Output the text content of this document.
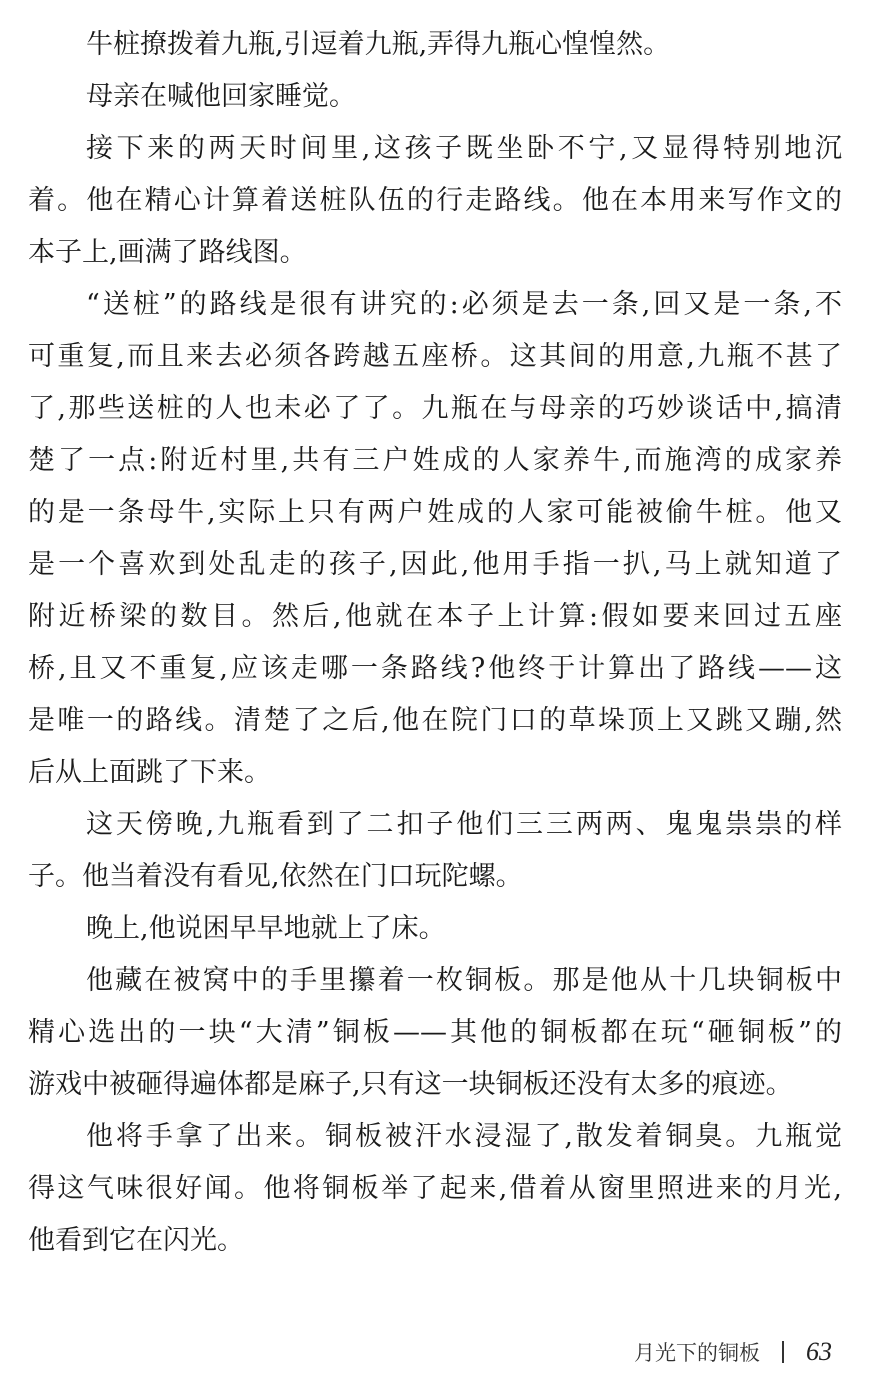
牛桩撩拨着九瓶,引逗着九瓶,弄得九瓶心惶惶然。
母亲在喊他回家睡觉。
接下来的两天时间里,这孩子既坐卧不宁,又显得特别地沉
着。他在精心计算着送桩队伍的行走路线。他在本用来写作文的
本子上,画满了路线图。
“送桩”的路线是很有讲究的:必须是去一条,回又是一条,不
可重复,而且来去必须各跨越五座桥。这其间的用意,九瓶不甚了
了,那些送桩的人也未必了了。九瓶在与母亲的巧妙谈话中,搞清
楚了一点:附近村里,共有三户姓成的人家养牛,而施湾的成家养
的是一条母牛,实际上只有两户姓成的人家可能被偷牛桩。他又
是一个喜欢到处乱走的孩子,因此,他用手指一扒,马上就知道了
附近桥梁的数目。然后,他就在本子上计算:假如要来回过五座
桥,且又不重复,应该走哪一条路线?他终于计算出了路线——这
是唯一的路线。清楚了之后,他在院门口的草垛顶上又跳又蹦,然
后从上面跳了下来。
这天傍晚,九瓶看到了二扣子他们三三两两、鬼鬼祟祟的样
子。他当着没有看见,依然在门口玩陀螺。
晚上,他说困早早地就上了床。
他藏在被窝中的手里攥着一枚铜板。那是他从十几块铜板中
精心选出的一块“大清”铜板——其他的铜板都在玩“砸铜板”的
游戏中被砸得遍体都是麻子,只有这一块铜板还没有太多的痕迹。
他将手拿了出来。铜板被汗水浸湿了,散发着铜臭。九瓶觉
得这气味很好闻。他将铜板举了起来,借着从窗里照进来的月光,
他看到它在闪光。
月光下的铜板 63
